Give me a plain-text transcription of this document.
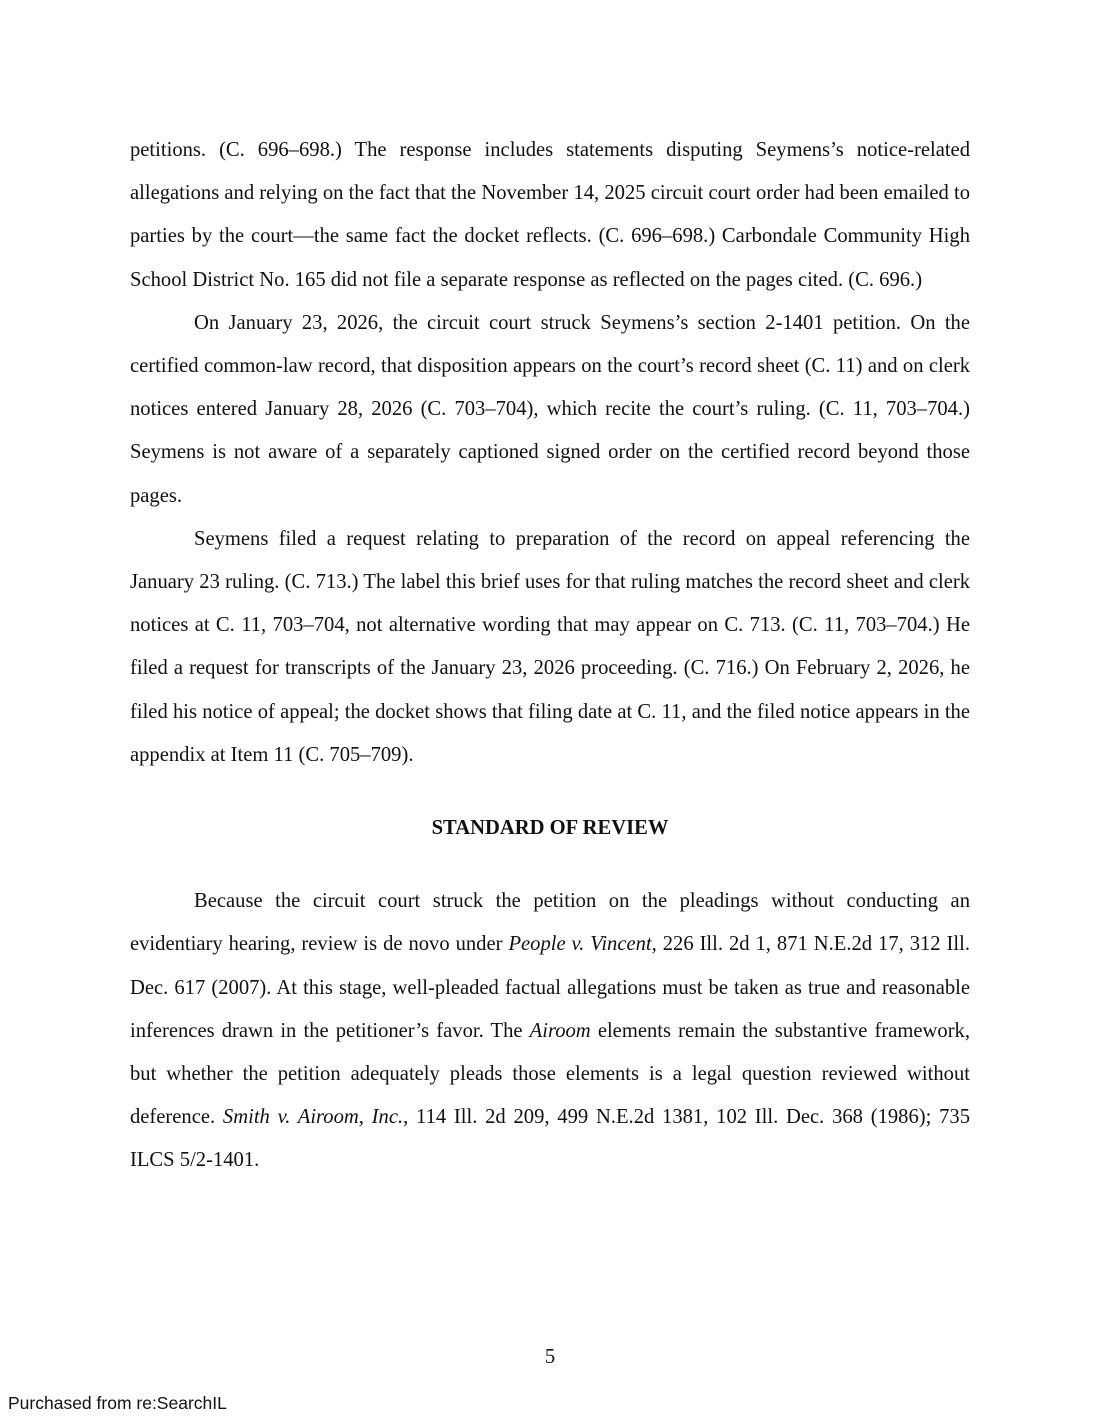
petitions. (C. 696–698.) The response includes statements disputing Seymens’s notice-related allegations and relying on the fact that the November 14, 2025 circuit court order had been emailed to parties by the court—the same fact the docket reflects. (C. 696–698.) Carbondale Community High School District No. 165 did not file a separate response as reflected on the pages cited. (C. 696.)

On January 23, 2026, the circuit court struck Seymens’s section 2-1401 petition. On the certified common-law record, that disposition appears on the court’s record sheet (C. 11) and on clerk notices entered January 28, 2026 (C. 703–704), which recite the court’s ruling. (C. 11, 703–704.) Seymens is not aware of a separately captioned signed order on the certified record beyond those pages.

Seymens filed a request relating to preparation of the record on appeal referencing the January 23 ruling. (C. 713.) The label this brief uses for that ruling matches the record sheet and clerk notices at C. 11, 703–704, not alternative wording that may appear on C. 713. (C. 11, 703–704.) He filed a request for transcripts of the January 23, 2026 proceeding. (C. 716.) On February 2, 2026, he filed his notice of appeal; the docket shows that filing date at C. 11, and the filed notice appears in the appendix at Item 11 (C. 705–709).

STANDARD OF REVIEW

Because the circuit court struck the petition on the pleadings without conducting an evidentiary hearing, review is de novo under People v. Vincent, 226 Ill. 2d 1, 871 N.E.2d 17, 312 Ill. Dec. 617 (2007). At this stage, well-pleaded factual allegations must be taken as true and reasonable inferences drawn in the petitioner’s favor. The Airoom elements remain the substantive framework, but whether the petition adequately pleads those elements is a legal question reviewed without deference. Smith v. Airoom, Inc., 114 Ill. 2d 209, 499 N.E.2d 1381, 102 Ill. Dec. 368 (1986); 735 ILCS 5/2-1401.

5
Purchased from re:SearchIL
